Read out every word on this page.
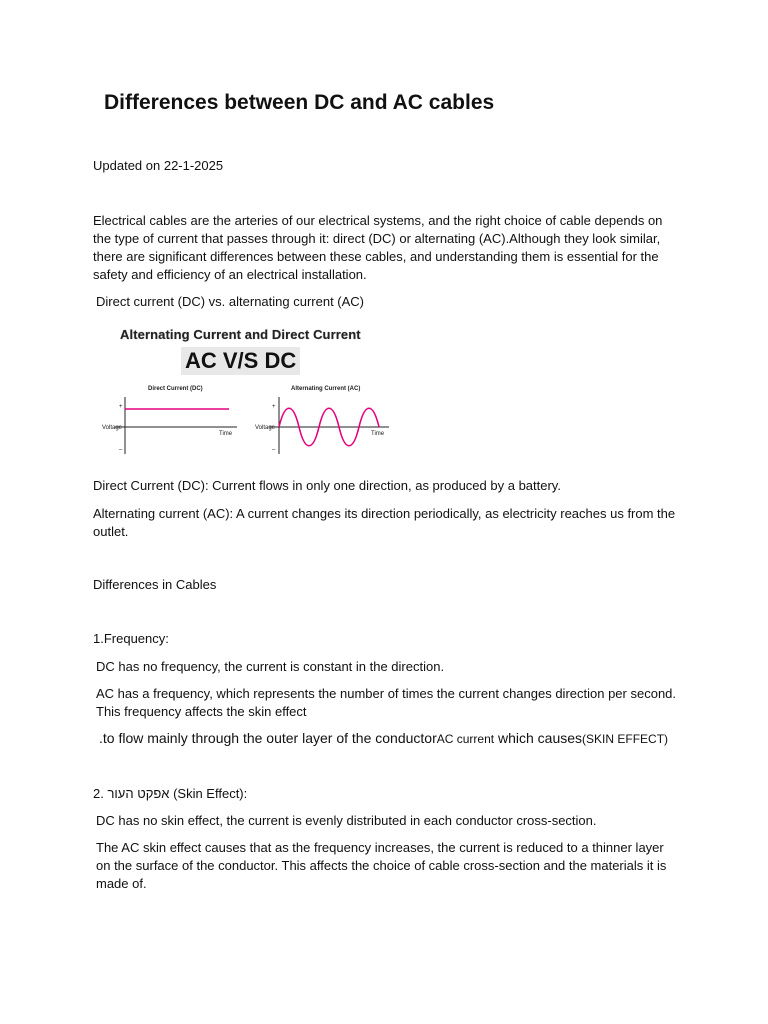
Differences between DC and AC cables
Updated on 22-1-2025
Electrical cables are the arteries of our electrical systems, and the right choice of cable depends on the type of current that passes through it: direct (DC) or alternating (AC).Although they look similar, there are significant differences between these cables, and understanding them is essential for the safety and efficiency of an electrical installation.
Direct current (DC) vs. alternating current (AC)
Alternating Current and Direct Current
AC V/S DC
Direct Current (DC)
+
–
Voltage
Time
Alternating Current (AC)
+
–
Voltage
Time
Direct Current (DC): Current flows in only one direction, as produced by a battery.
Alternating current (AC): A current changes its direction periodically, as electricity reaches us from the outlet.
Differences in Cables
1.Frequency:
DC has no frequency, the current is constant in the direction.
AC has a frequency, which represents the number of times the current changes direction per second. This frequency affects the skin effect
.to flow mainly through the outer layer of the conductorAC current which causes(SKIN EFFECT)
2. אפקט העור (Skin Effect):
DC has no skin effect, the current is evenly distributed in each conductor cross-section.
The AC skin effect causes that as the frequency increases, the current is reduced to a thinner layer on the surface of the conductor. This affects the choice of cable cross-section and the materials it is made of.
